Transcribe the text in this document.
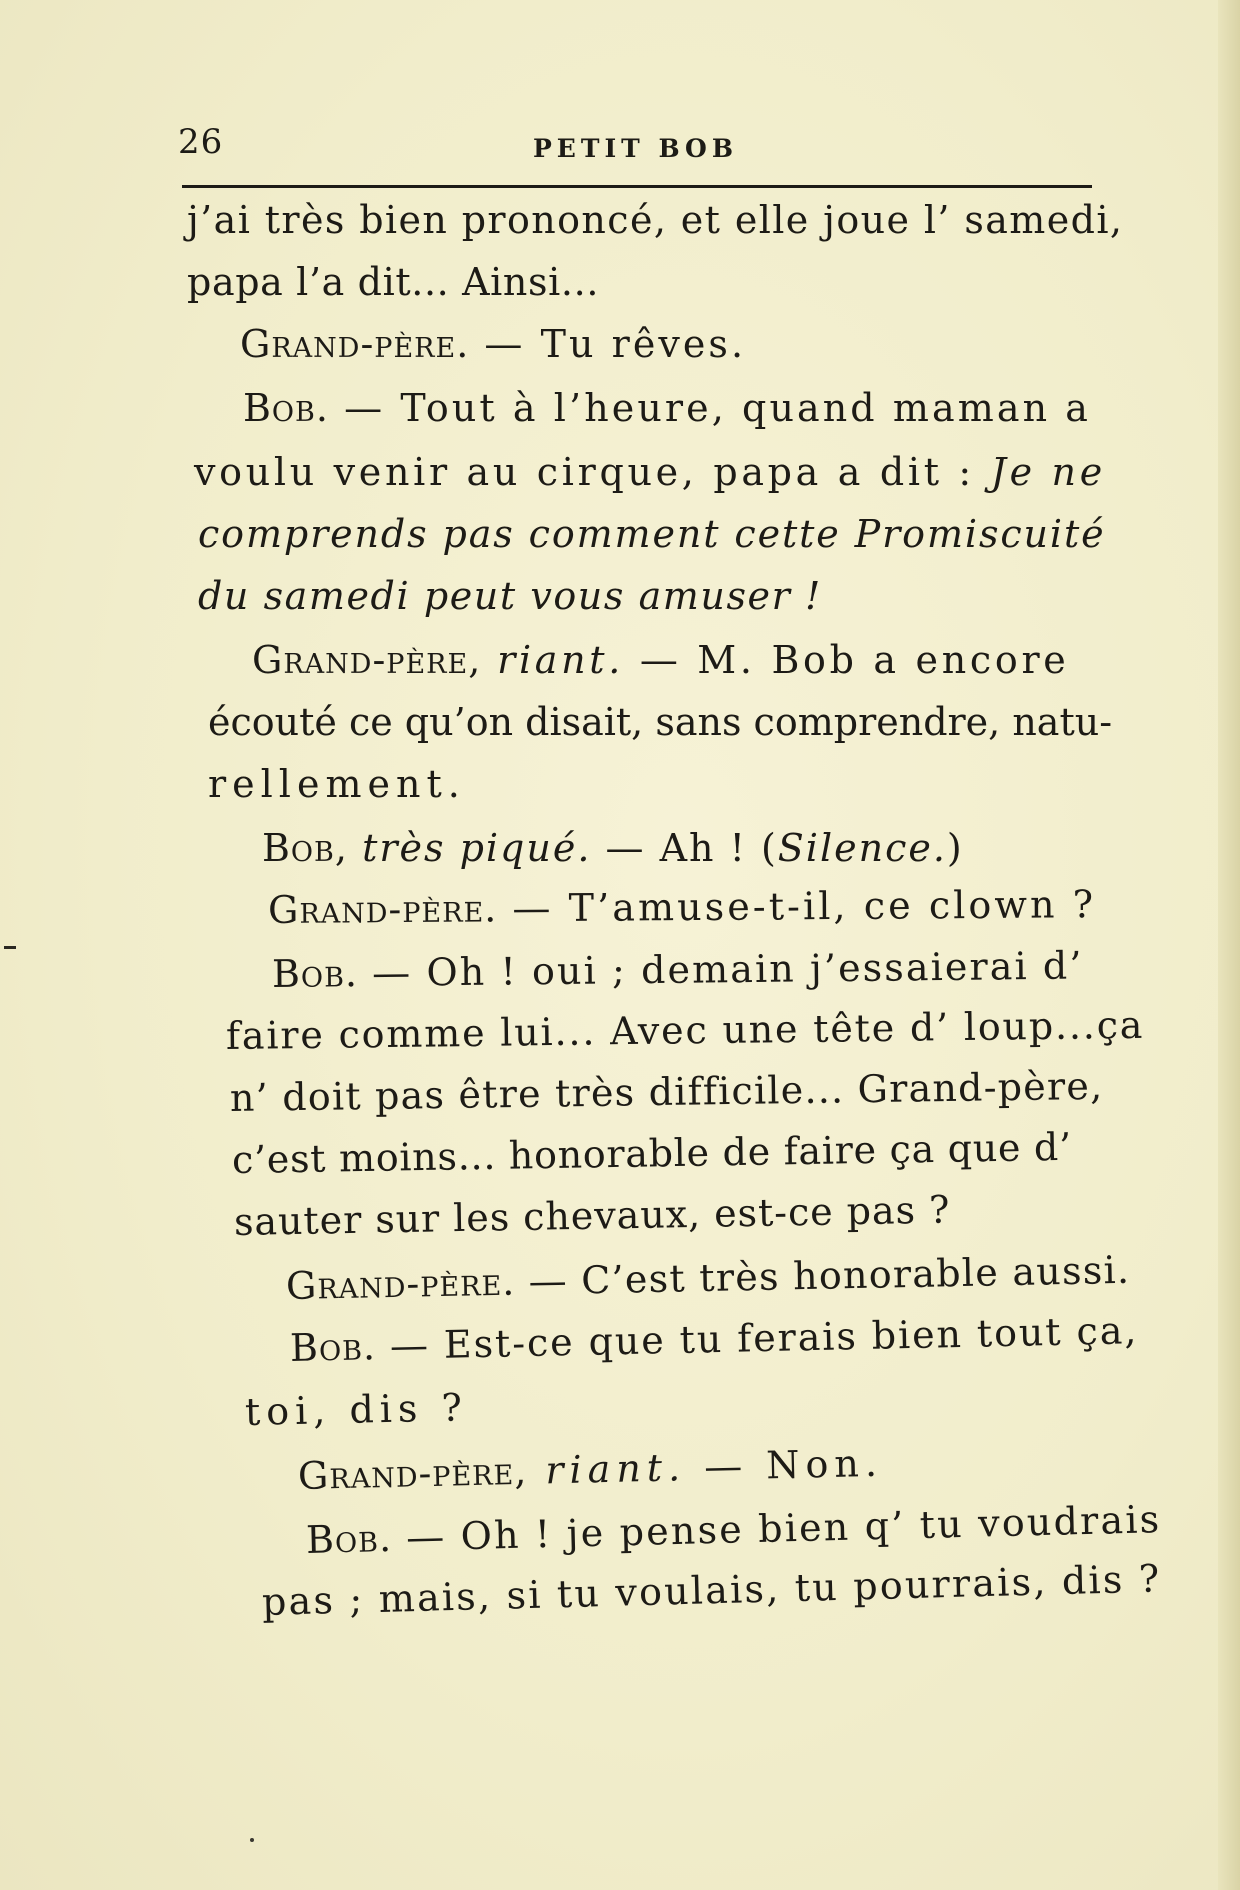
26	PETIT BOB
j’ai très bien prononcé, et elle joue l’ samedi,
papa l’a dit... Ainsi...
Grand-père. — Tu rêves.
Bob. — Tout à l’heure, quand maman a
voulu venir au cirque, papa a dit : Je ne
comprends pas comment cette Promiscuité
du samedi peut vous amuser !
Grand-père, riant. — M. Bob a encore
écouté ce qu’on disait, sans comprendre, natu-
rellement.
Bob, très piqué. — Ah ! (Silence.)
Grand-père. — T’amuse-t-il, ce clown ?
Bob. — Oh ! oui ; demain j’essaierai d’
faire comme lui... Avec une tête d’ loup...ça
n’ doit pas être très difficile... Grand-père,
c’est moins... honorable de faire ça que d’
sauter sur les chevaux, est-ce pas ?
Grand-père. — C’est très honorable aussi.
Bob. — Est-ce que tu ferais bien tout ça,
toi, dis ?
Grand-père, riant. — Non.
Bob. — Oh ! je pense bien q’ tu voudrais
pas ; mais, si tu voulais, tu pourrais, dis ?
